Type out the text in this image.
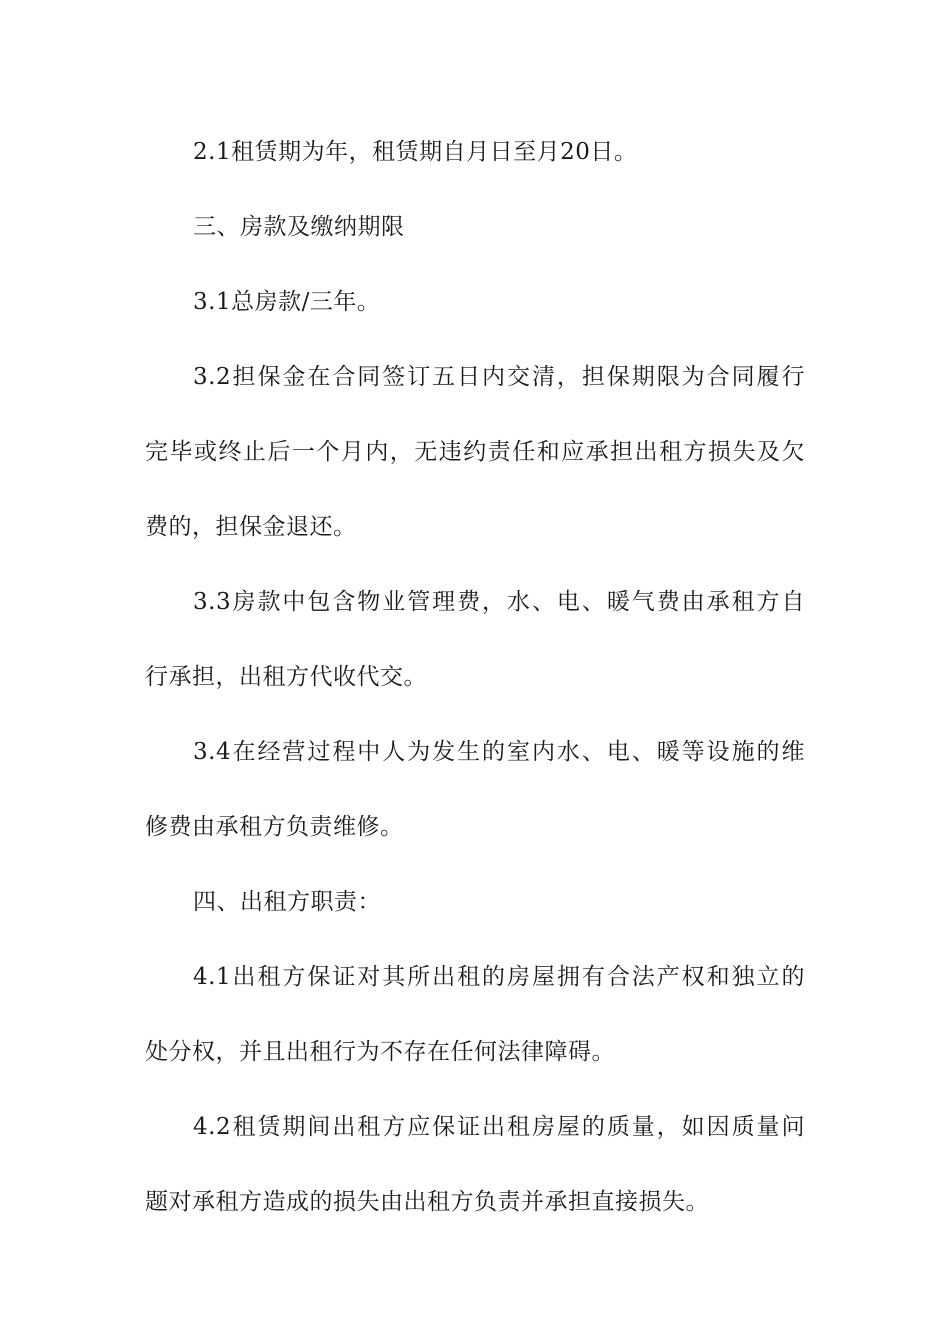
2.1租赁期为年，租赁期自月日至月20日。
三、房款及缴纳期限
3.1总房款/三年。
3.2担保金在合同签订五日内交清，担保期限为合同履行
完毕或终止后一个月内，无违约责任和应承担出租方损失及欠
费的，担保金退还。
3.3房款中包含物业管理费，水、电、暖气费由承租方自
行承担，出租方代收代交。
3.4在经营过程中人为发生的室内水、电、暖等设施的维
修费由承租方负责维修。
四、出租方职责：
4.1出租方保证对其所出租的房屋拥有合法产权和独立的
处分权，并且出租行为不存在任何法律障碍。
4.2租赁期间出租方应保证出租房屋的质量，如因质量问
题对承租方造成的损失由出租方负责并承担直接损失。
